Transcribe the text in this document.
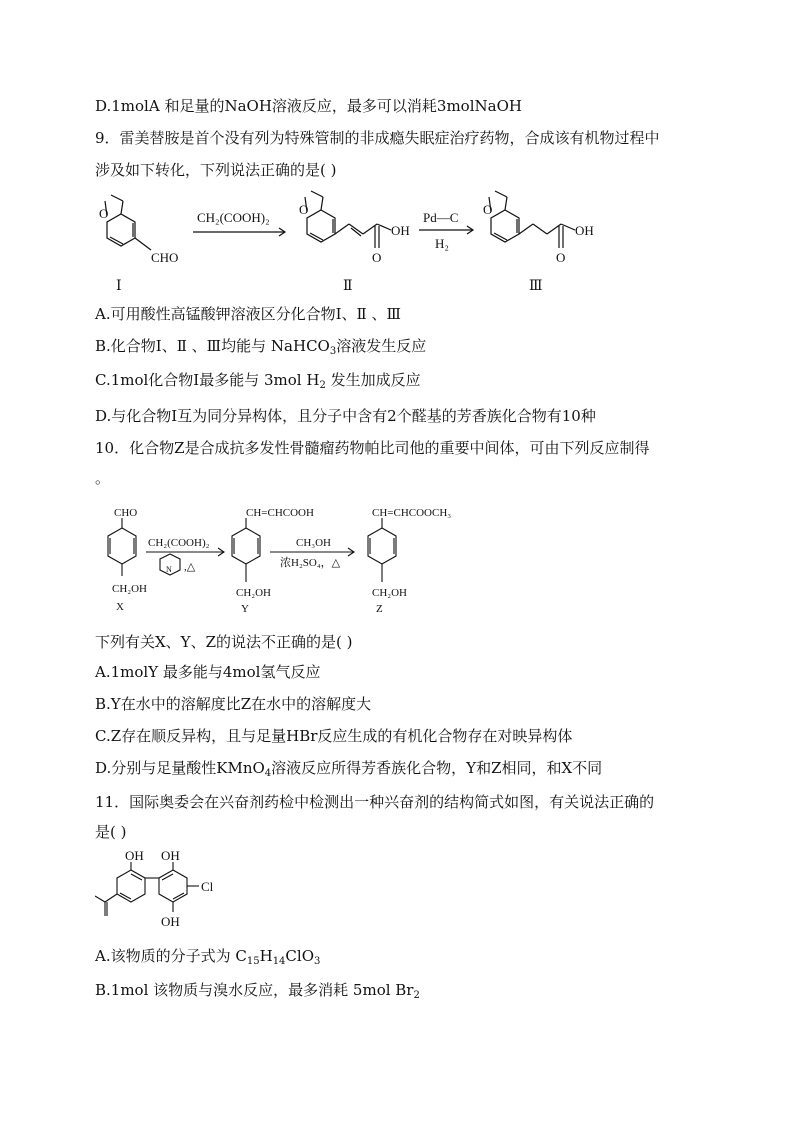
D.1molA 和足量的NaOH溶液反应，最多可以消耗3molNaOH
9．雷美替胺是首个没有列为特殊管制的非成瘾失眠症治疗药物，合成该有机物过程中
涉及如下转化，下列说法正确的是( )
O
CHO
Ⅰ
CH₂(COOH)₂
O
OH
O
Ⅱ
Pd—C
H₂
O
OH
O
Ⅲ
A.可用酸性高锰酸钾溶液区分化合物Ⅰ、Ⅱ 、Ⅲ
B.化合物Ⅰ、Ⅱ 、Ⅲ均能与 NaHCO$_3$溶液发生反应
C.1mol化合物Ⅰ最多能与 3mol $H_2$ 发生加成反应
D.与化合物Ⅰ互为同分异构体，且分子中含有2个醛基的芳香族化合物有10种
10．化合物Z是合成抗多发性骨髓瘤药物帕比司他的重要中间体，可由下列反应制得
。
CHO
CH₂OH
X
CH₂(COOH)₂
N ,△
CH=CHCOOH
CH₂OH
Y
CH₃OH
浓H₂SO₄，△
CH=CHCOOCH₃
CH₂OH
Z
下列有关X、Y、Z的说法不正确的是( )
A.1molY 最多能与4mol氢气反应
B.Y在水中的溶解度比Z在水中的溶解度大
C.Z存在顺反异构，且与足量HBr反应生成的有机化合物存在对映异构体
D.分别与足量酸性KMnO$_4$溶液反应所得芳香族化合物，Y和Z相同，和X不同
11．国际奥委会在兴奋剂药检中检测出一种兴奋剂的结构简式如图，有关说法正确的
是( )
OH OH
Cl
OH
A.该物质的分子式为 $C_{15}H_{14}ClO_3$
B.1mol 该物质与溴水反应，最多消耗 5mol $Br_2$
